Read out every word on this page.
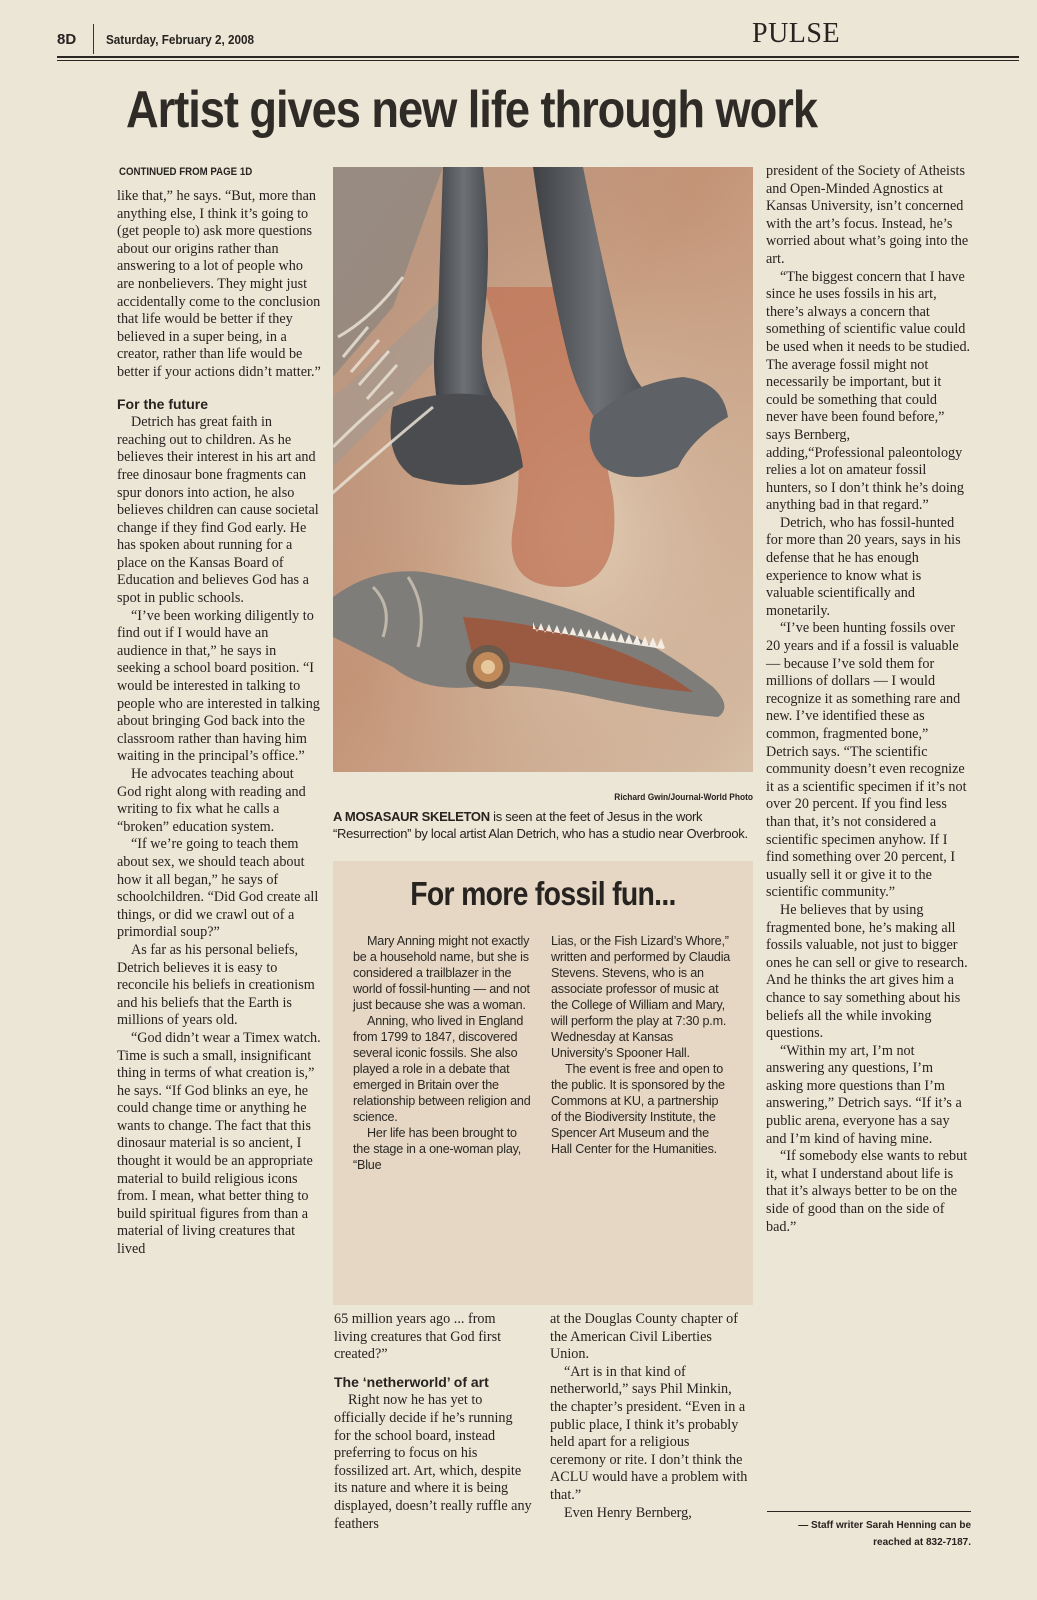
8D Saturday, February 2, 2008	PULSE
Artist gives new life through work
CONTINUED FROM PAGE 1D

like that,” he says. “But, more than anything else, I think it’s going to (get people to) ask more questions about our origins rather than answering to a lot of people who are nonbelievers. They might just accidentally come to the conclusion that life would be better if they believed in a super being, in a creator, rather than life would be better if your actions didn’t matter.”

For the future

Detrich has great faith in reaching out to children. As he believes their interest in his art and free dinosaur bone fragments can spur donors into action, he also believes children can cause societal change if they find God early. He has spoken about running for a place on the Kansas Board of Education and believes God has a spot in public schools.

“I’ve been working diligently to find out if I would have an audience in that,” he says in seeking a school board position. “I would be interested in talking to people who are interested in talking about bringing God back into the classroom rather than having him waiting in the principal’s office.”

He advocates teaching about God right along with reading and writing to fix what he calls a “broken” education system.

“If we’re going to teach them about sex, we should teach about how it all began,” he says of schoolchildren. “Did God create all things, or did we crawl out of a primordial soup?”

As far as his personal beliefs, Detrich believes it is easy to reconcile his beliefs in creationism and his beliefs that the Earth is millions of years old.

“God didn’t wear a Timex watch. Time is such a small, insignificant thing in terms of what creation is,” he says. “If God blinks an eye, he could change time or anything he wants to change. The fact that this dinosaur material is so ancient, I thought it would be an appropriate material to build religious icons from. I mean, what better thing to build spiritual figures from than a material of living creatures that lived

Richard Gwin/Journal-World Photo
A MOSASAUR SKELETON is seen at the feet of Jesus in the work “Resurrection” by local artist Alan Detrich, who has a studio near Overbrook.
For more fossil fun...

Mary Anning might not exactly be a household name, but she is considered a trailblazer in the world of fossil-hunting — and not just because she was a woman.

Anning, who lived in England from 1799 to 1847, discovered several iconic fossils. She also played a role in a debate that emerged in Britain over the relationship between religion and science.

Her life has been brought to the stage in a one-woman play, “Blue

Lias, or the Fish Lizard’s Whore,” written and performed by Claudia Stevens. Stevens, who is an associate professor of music at the College of William and Mary, will perform the play at 7:30 p.m. Wednesday at Kansas University’s Spooner Hall.

The event is free and open to the public. It is sponsored by the Commons at KU, a partnership of the Biodiversity Institute, the Spencer Art Museum and the Hall Center for the Humanities.

65 million years ago ... from living creatures that God first created?”

The ‘netherworld’ of art

Right now he has yet to officially decide if he’s running for the school board, instead preferring to focus on his fossilized art. Art, which, despite its nature and where it is being displayed, doesn’t really ruffle any feathers

at the Douglas County chapter of the American Civil Liberties Union.

“Art is in that kind of netherworld,” says Phil Minkin, the chapter’s president. “Even in a public place, I think it’s probably held apart for a religious ceremony or rite. I don’t think the ACLU would have a problem with that.”

Even Henry Bernberg,

president of the Society of Atheists and Open-Minded Agnostics at Kansas University, isn’t concerned with the art’s focus. Instead, he’s worried about what’s going into the art.

“The biggest concern that I have since he uses fossils in his art, there’s always a concern that something of scientific value could be used when it needs to be studied. The average fossil might not necessarily be important, but it could be something that could never have been found before,” says Bernberg, adding,“Professional paleontology relies a lot on amateur fossil hunters, so I don’t think he’s doing anything bad in that regard.”

Detrich, who has fossil-hunted for more than 20 years, says in his defense that he has enough experience to know what is valuable scientifically and monetarily.

“I’ve been hunting fossils over 20 years and if a fossil is valuable — because I’ve sold them for millions of dollars — I would recognize it as something rare and new. I’ve identified these as common, fragmented bone,” Detrich says. “The scientific community doesn’t even recognize it as a scientific specimen if it’s not over 20 percent. If you find less than that, it’s not considered a scientific specimen anyhow. If I find something over 20 percent, I usually sell it or give it to the scientific community.”

He believes that by using fragmented bone, he’s making all fossils valuable, not just to bigger ones he can sell or give to research. And he thinks the art gives him a chance to say something about his beliefs all the while invoking questions.

“Within my art, I’m not answering any questions, I’m asking more questions than I’m answering,” Detrich says. “If it’s a public arena, everyone has a say and I’m kind of having mine.

“If somebody else wants to rebut it, what I understand about life is that it’s always better to be on the side of good than on the side of bad.”

— Staff writer Sarah Henning can be
reached at 832-7187.
